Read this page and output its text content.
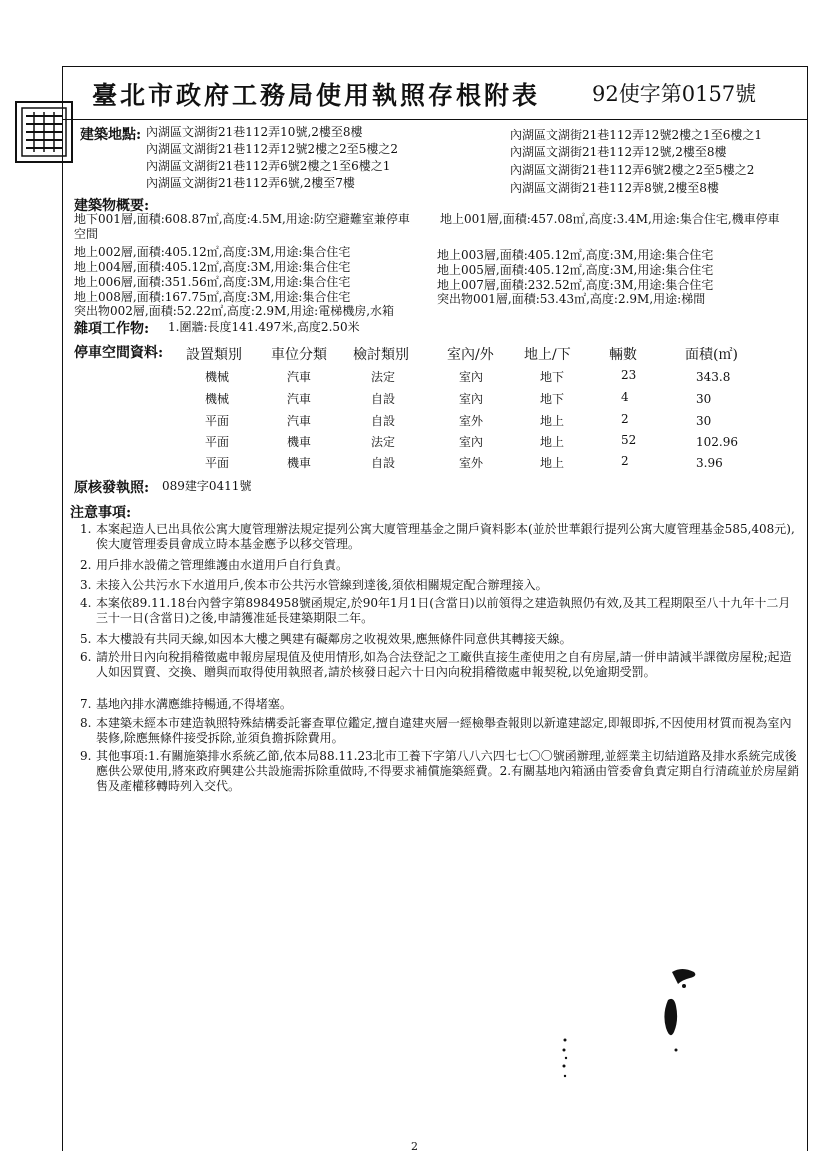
臺北市政府工務局使用執照存根附表 92使字第0157號
建築地點: 內湖區文湖街21巷112弄10號,2樓至8樓
內湖區文湖街21巷112弄12號2樓之2至5樓之2
內湖區文湖街21巷112弄6號2樓之1至6樓之1
內湖區文湖街21巷112弄6號,2樓至7樓
內湖區文湖街21巷112弄12號2樓之1至6樓之1
內湖區文湖街21巷112弄12號,2樓至8樓
內湖區文湖街21巷112弄6號2樓之2至5樓之2
內湖區文湖街21巷112弄8號,2樓至8樓
建築物概要:
地下001層,面積:608.87㎡,高度:4.5M,用途:防空避難室兼停車	地上001層,面積:457.08㎡,高度:3.4M,用途:集合住宅,機車停車
空間
地上002層,面積:405.12㎡,高度:3M,用途:集合住宅
地上004層,面積:405.12㎡,高度:3M,用途:集合住宅
地上006層,面積:351.56㎡,高度:3M,用途:集合住宅
地上008層,面積:167.75㎡,高度:3M,用途:集合住宅
突出物002層,面積:52.22㎡,高度:2.9M,用途:電梯機房,水箱
地上003層,面積:405.12㎡,高度:3M,用途:集合住宅
地上005層,面積:405.12㎡,高度:3M,用途:集合住宅
地上007層,面積:232.52㎡,高度:3M,用途:集合住宅
突出物001層,面積:53.43㎡,高度:2.9M,用途:梯間
雜項工作物: 1.圍牆:長度141.497米,高度2.50米
停車空間資料: 設置類別 車位分類 檢討類別	室內/外 地上/下	輛數	面積(㎡)
機械	汽車	法定	室內	地下	23	343.8
機械	汽車	自設	室內	地下	4	30
平面	汽車	自設	室外	地上	2	30
平面	機車	法定	室內	地上	52	102.96
平面	機車	自設	室外	地上	2	3.96
原核發執照: 089建字0411號
注意事項:
1. 本案起造人已出具依公寓大廈管理辦法規定提列公寓大廈管理基金之開戶資料影本(並於世華銀行提列公寓大廈管理基金585,408元),俟大廈管理委員會成立時本基金應予以移交管理。
2. 用戶排水設備之管理維護由水道用戶自行負責。
3. 未接入公共污水下水道用戶,俟本市公共污水管線到達後,須依相關規定配合辦理接入。
4. 本案依89.11.18台內營字第8984958號函規定,於90年1月1日(含當日)以前領得之建造執照仍有效,及其工程期限至八十九年十二月三十一日(含當日)之後,申請獲准延長建築期限二年。
5. 本大樓設有共同天線,如因本大樓之興建有礙鄰房之收視效果,應無條件同意供其轉接天線。
6. 請於卅日內向稅捐稽徵處申報房屋現值及使用情形,如為合法登記之工廠供直接生產使用之自有房屋,請一併申請減半課徵房屋稅;起造人如因買賣、交換、贈與而取得使用執照者,請於核發日起六十日內向稅捐稽徵處申報契稅,以免逾期受罰。
7. 基地內排水溝應維持暢通,不得堵塞。
8. 本建築未經本市建造執照特殊結構委託審查單位鑑定,擅自違建夾層一經檢舉查報則以新違建認定,即報即拆,不因使用材質而視為室內裝修,除應無條件接受拆除,並須負擔拆除費用。
9. 其他事項:1.有關施築排水系統乙節,依本局88.11.23北市工養下字第八八六四七七〇〇號函辦理,並經業主切結道路及排水系統完成後應供公眾使用,將來政府興建公共設施需拆除重做時,不得要求補償施築經費。2.有關基地內箱涵由管委會負責定期自行清疏並於房屋銷售及產權移轉時列入交代。
2
